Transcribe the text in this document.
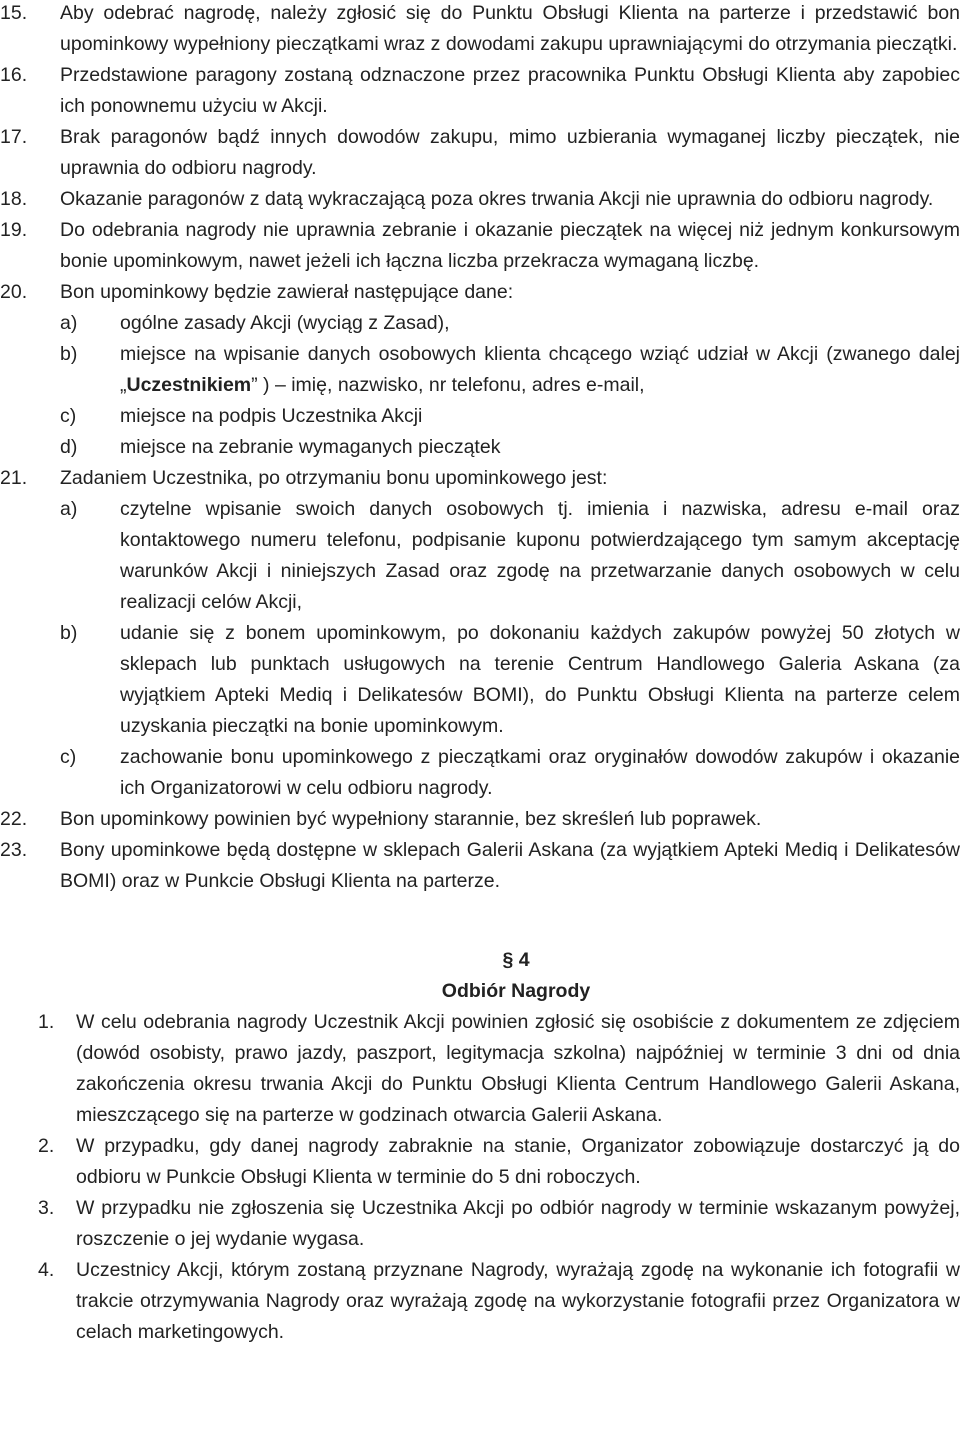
15. Aby odebrać nagrodę, należy zgłosić się do Punktu Obsługi Klienta na parterze i przedstawić bon upominkowy wypełniony pieczątkami wraz z dowodami zakupu uprawniającymi do otrzymania pieczątki.
16. Przedstawione paragony zostaną odznaczone przez pracownika Punktu Obsługi Klienta aby zapobiec ich ponownemu użyciu w Akcji.
17. Brak paragonów bądź innych dowodów zakupu, mimo uzbierania wymaganej liczby pieczątek, nie uprawnia do odbioru nagrody.
18. Okazanie paragonów z datą wykraczającą poza okres trwania Akcji nie uprawnia do odbioru nagrody.
19. Do odebrania nagrody nie uprawnia zebranie i okazanie pieczątek na więcej niż jednym konkursowym bonie upominkowym, nawet jeżeli ich łączna liczba przekracza wymaganą liczbę.
20. Bon upominkowy będzie zawierał następujące dane:
a) ogólne zasady Akcji (wyciąg z Zasad),
b) miejsce na wpisanie danych osobowych klienta chcącego wziąć udział w Akcji (zwanego dalej „Uczestnikiem” ) – imię, nazwisko, nr telefonu, adres e-mail,
c) miejsce na podpis Uczestnika Akcji
d) miejsce na zebranie wymaganych pieczątek
21. Zadaniem Uczestnika, po otrzymaniu bonu upominkowego jest:
a) czytelne wpisanie swoich danych osobowych tj. imienia i nazwiska, adresu e-mail oraz kontaktowego numeru telefonu, podpisanie kuponu potwierdzającego tym samym akceptację warunków Akcji i niniejszych Zasad oraz zgodę na przetwarzanie danych osobowych w celu realizacji celów Akcji,
b) udanie się z bonem upominkowym, po dokonaniu każdych zakupów powyżej 50 złotych w sklepach lub punktach usługowych na terenie Centrum Handlowego Galeria Askana (za wyjątkiem Apteki Mediq i Delikatesów BOMI), do Punktu Obsługi Klienta na parterze celem uzyskania pieczątki na bonie upominkowym.
c) zachowanie bonu upominkowego z pieczątkami oraz oryginałów dowodów zakupów i okazanie ich Organizatorowi w celu odbioru nagrody.
22. Bon upominkowy powinien być wypełniony starannie, bez skreśleń lub poprawek.
23. Bony upominkowe będą dostępne w sklepach Galerii Askana (za wyjątkiem Apteki Mediq i Delikatesów BOMI) oraz w Punkcie Obsługi Klienta na parterze.
§ 4
Odbiór Nagrody
1. W celu odebrania nagrody Uczestnik Akcji powinien zgłosić się osobiście z dokumentem ze zdjęciem (dowód osobisty, prawo jazdy, paszport, legitymacja szkolna) najpóźniej w terminie 3 dni od dnia zakończenia okresu trwania Akcji do Punktu Obsługi Klienta Centrum Handlowego Galerii Askana, mieszczącego się na parterze w godzinach otwarcia Galerii Askana.
2. W przypadku, gdy danej nagrody zabraknie na stanie, Organizator zobowiązuje dostarczyć ją do odbioru w Punkcie Obsługi Klienta w terminie do 5 dni roboczych.
3. W przypadku nie zgłoszenia się Uczestnika Akcji po odbiór nagrody w terminie wskazanym powyżej, roszczenie o jej wydanie wygasa.
4. Uczestnicy Akcji, którym zostaną przyznane Nagrody, wyrażają zgodę na wykonanie ich fotografii w trakcie otrzymywania Nagrody oraz wyrażają zgodę na wykorzystanie fotografii przez Organizatora w celach marketingowych.
